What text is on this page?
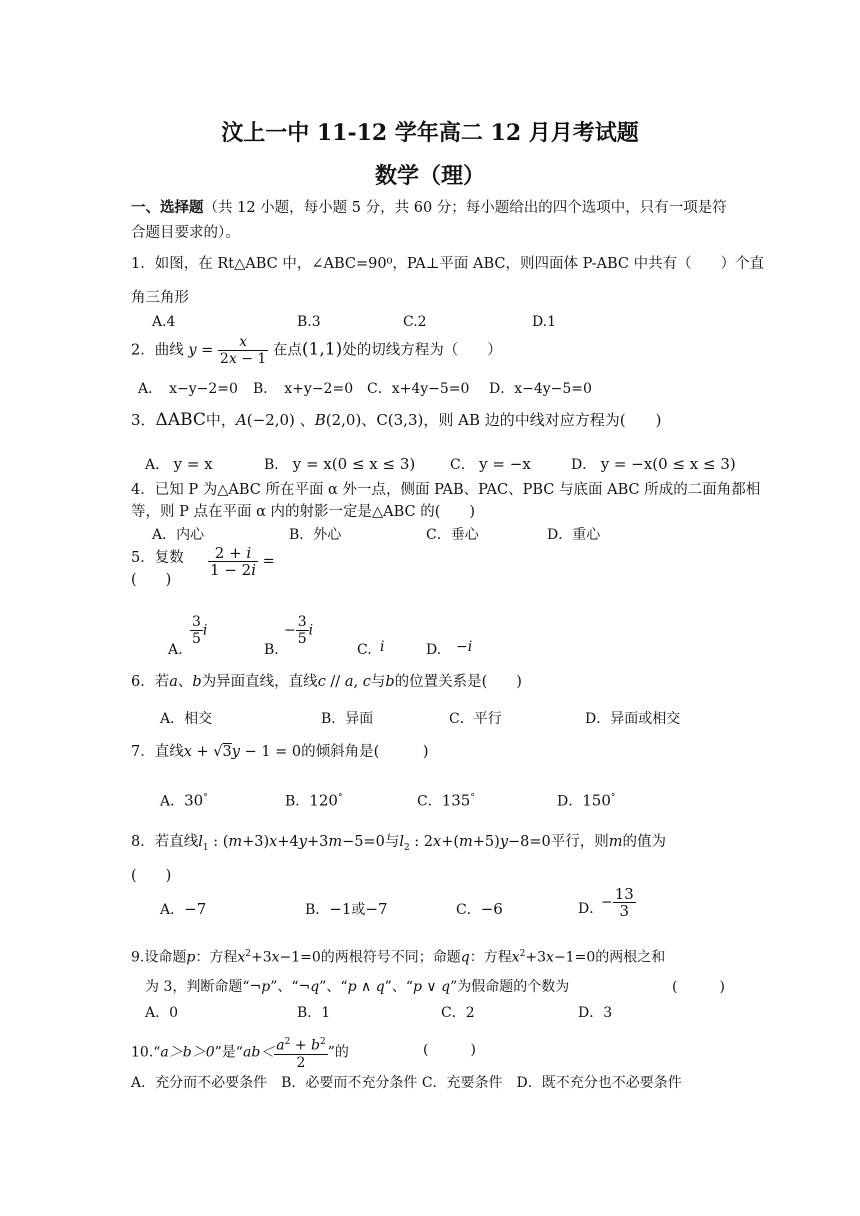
汶上一中 11-12 学年高二 12 月月考试题
数学（理）
一、选择题（共 12 小题，每小题 5 分，共 60 分；每小题给出的四个选项中，只有一项是符
合题目要求的）。
1．如图，在 Rt△ABC 中，∠ABC=90⁰，PA⊥平面 ABC，则四面体 P-ABC 中共有（　　）个直
角三角形
A.4	B.3	C.2	D.1
2．曲线 $y = \frac{x}{2x - 1}$ 在点(1,1)处的切线方程为（　　）
A．　x−y−2=0 B．　x+y−2=0 C．x+4y−5=0 D．x−4y−5=0
3．ΔABC中，A(−2,0) 、B(2,0)、C(3,3)，则 AB 边的中线对应方程为(　　)
A． y = x	B． y = x(0 ≤ x ≤ 3) C． y = −x	D． y = −x(0 ≤ x ≤ 3)
4．已知 P 为△ABC 所在平面 α 外一点，侧面 PAB、PAC、PBC 与底面 ABC 所成的二面角都相
等，则 P 点在平面 α 内的射影一定是△ABC 的(　　)
A．内心	B．外心	C．垂心	D．重心
5．复数 $\frac{2 + i}{1 - 2i}$ =
(　　)
A.
$\frac{3}{5}$ i
B.
− $\frac{3}{5}$ i
C. i	D. −i
6．若a、b为异面直线，直线c // a, c与b的位置关系是(　　)
A．相交	B．异面	C．平行	D．异面或相交
7．直线x + √3y − 1 = 0的倾斜角是(　　　)
A．30°	B．120°	C．135°	D．150°
8．若直线$l_1$ : (m+3)x+4y+3m−5=0与$l_2$ : 2x+(m+5)y−8=0平行，则m的值为
(　　)
A．−7	B．−1或−7	C．−6	D．
− $\frac{13}{3}$
9.设命题p：方程$x^2+3x-1=0$的两根符号不同；命题q：方程$x^2+3x-1=0$的两根之和
为 3，判断命题“¬p”、“¬q”、“p ∧ q”、“p ∨ q”为假命题的个数为	(　　　)
A．0	B．1	C．2	D．3
10.“a＞b＞0”是“$ab< \frac{a^2 + b^2}{2}$ ”的	(　　　)
A．充分而不必要条件　B．必要而不充分条件 C．充要条件　D．既不充分也不必要条件
